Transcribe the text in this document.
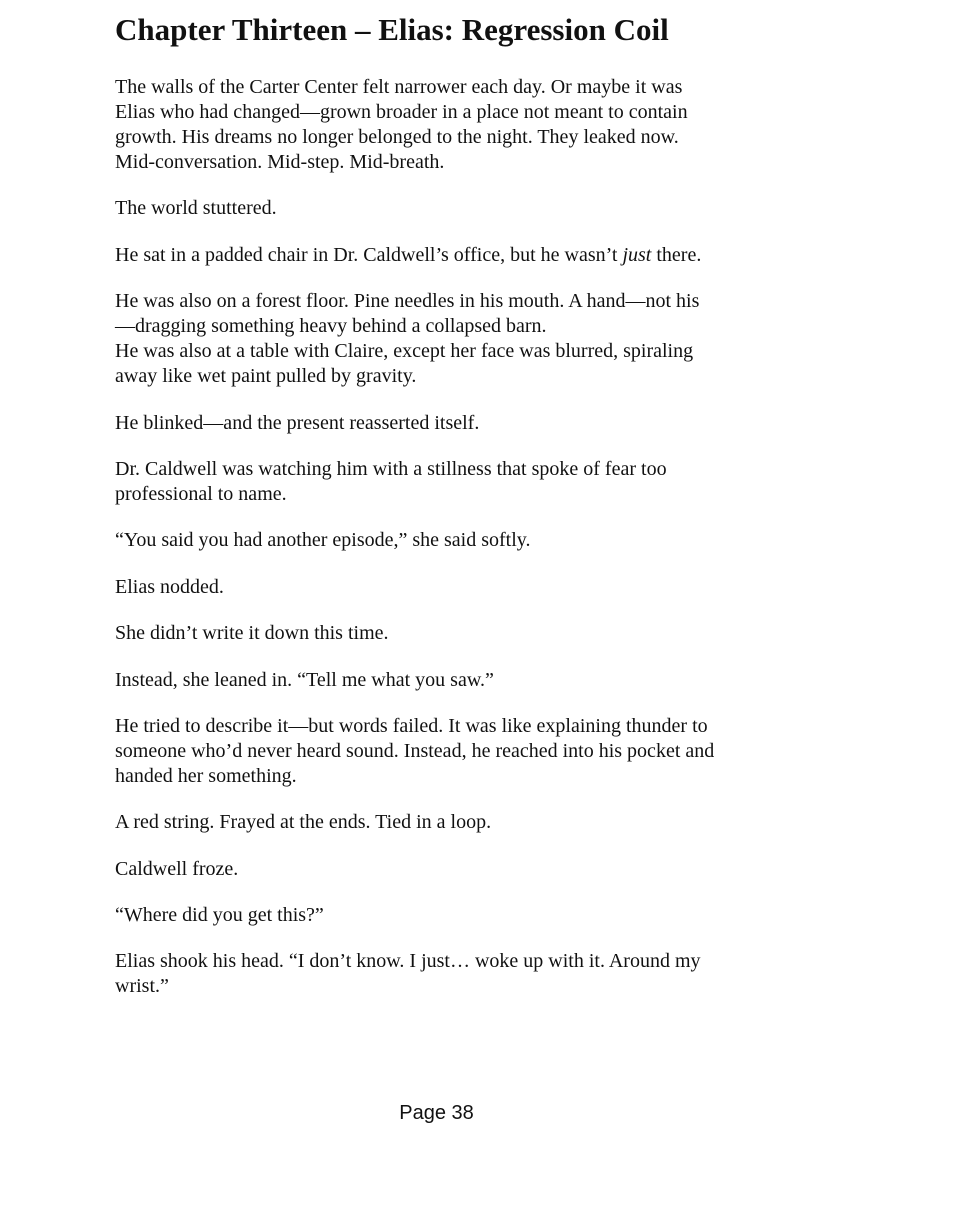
Chapter Thirteen – Elias: Regression Coil

The walls of the Carter Center felt narrower each day. Or maybe it was
Elias who had changed—grown broader in a place not meant to contain
growth. His dreams no longer belonged to the night. They leaked now.
Mid-conversation. Mid-step. Mid-breath.

The world stuttered.

He sat in a padded chair in Dr. Caldwell’s office, but he wasn’t just there.

He was also on a forest floor. Pine needles in his mouth. A hand—not his
—dragging something heavy behind a collapsed barn.
He was also at a table with Claire, except her face was blurred, spiraling
away like wet paint pulled by gravity.

He blinked—and the present reasserted itself.

Dr. Caldwell was watching him with a stillness that spoke of fear too
professional to name.

“You said you had another episode,” she said softly.

Elias nodded.

She didn’t write it down this time.

Instead, she leaned in. “Tell me what you saw.”

He tried to describe it—but words failed. It was like explaining thunder to
someone who’d never heard sound. Instead, he reached into his pocket and
handed her something.

A red string. Frayed at the ends. Tied in a loop.

Caldwell froze.

“Where did you get this?”

Elias shook his head. “I don’t know. I just… woke up with it. Around my
wrist.”

Page 38
